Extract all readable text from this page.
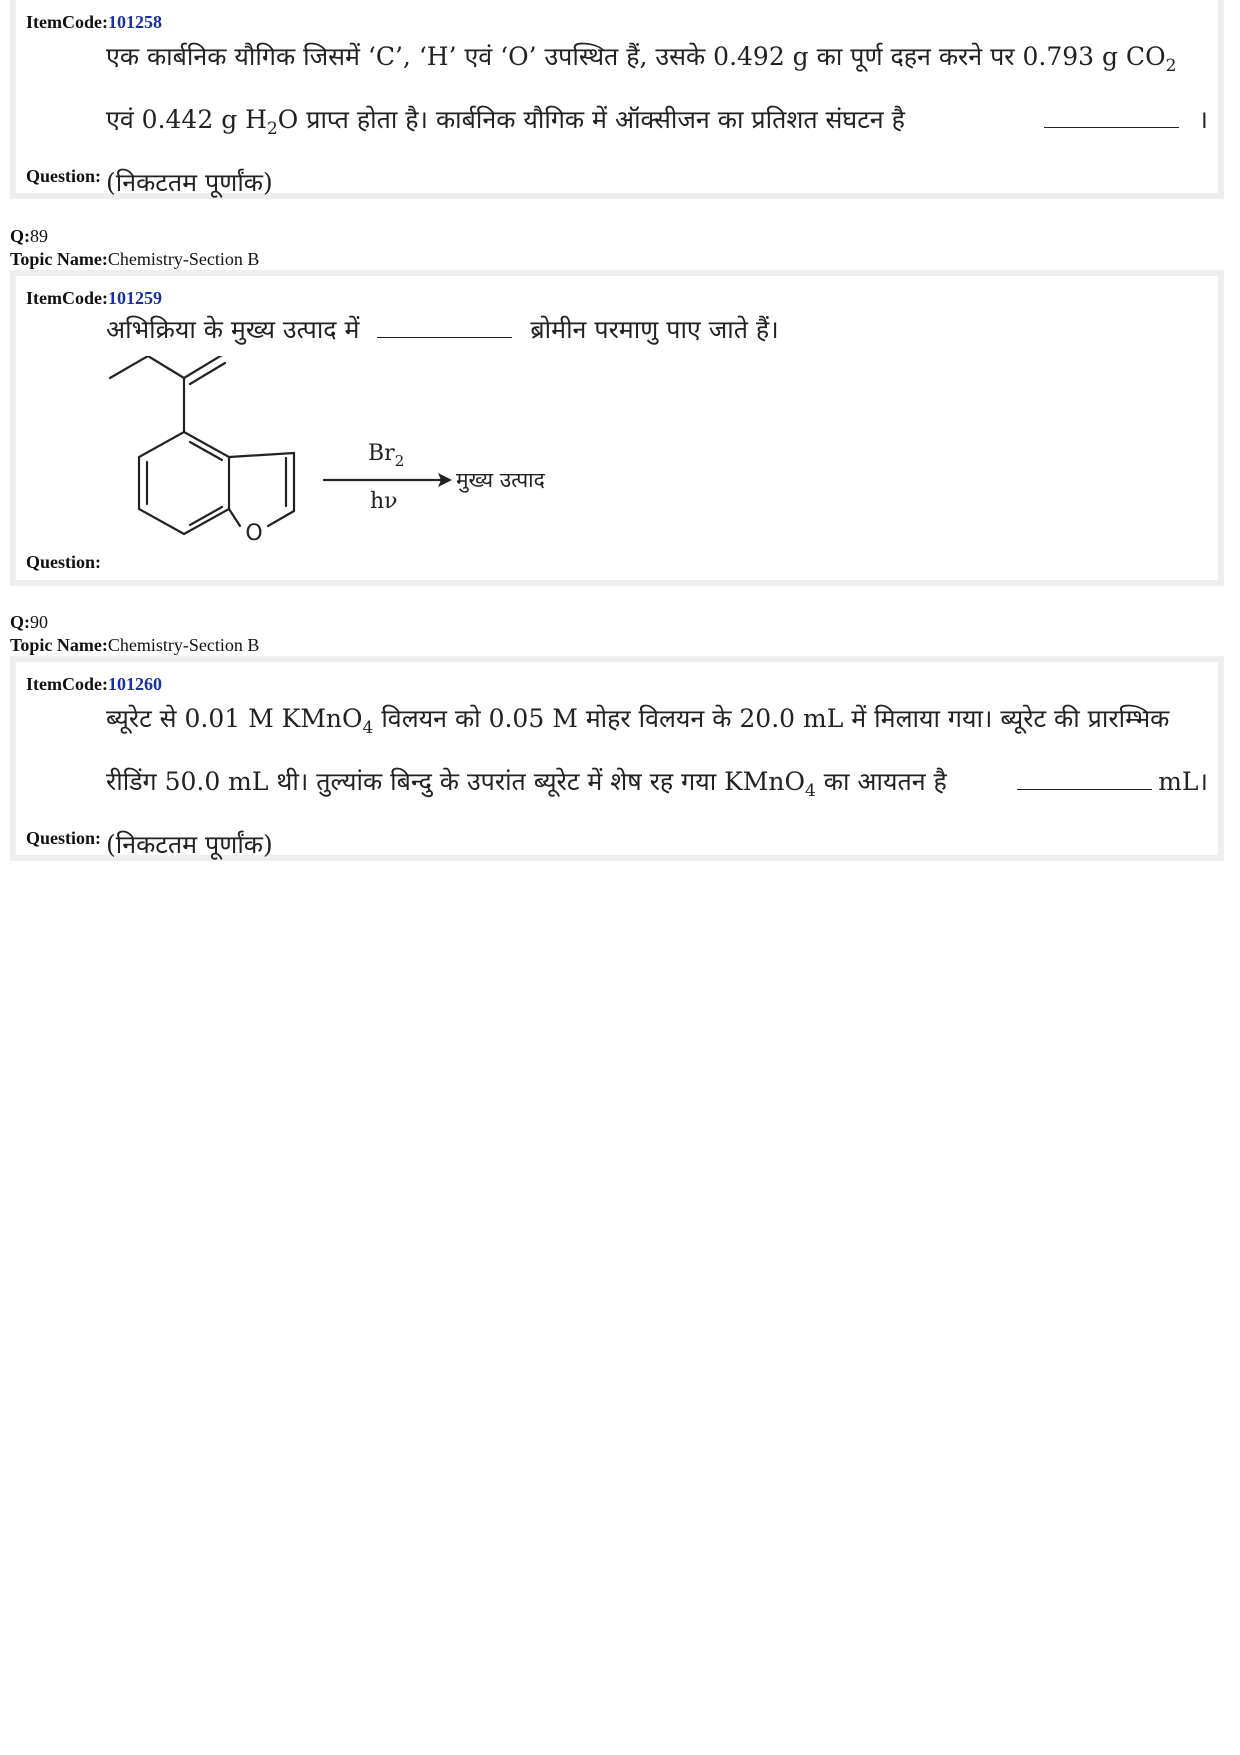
ItemCode:101258
एक कार्बनिक यौगिक जिसमें ‘C’, ‘H’ एवं ‘O’ उपस्थित हैं, उसके 0.492 g का पूर्ण दहन करने पर 0.793 g $CO_2$
एवं 0.442 g $H_2O$ प्राप्त होता है। कार्बनिक यौगिक में ऑक्सीजन का प्रतिशत संघटन है	।
(निकटतम पूर्णांक)
Question:
Q:89
Topic Name:Chemistry-Section B
ItemCode:101259
अभिक्रिया के मुख्य उत्पाद में	ब्रोमीन परमाणु पाए जाते हैं।
O
$Br_2$
hν
मुख्य उत्पाद
Question:
Q:90
Topic Name:Chemistry-Section B
ItemCode:101260
ब्यूरेट से 0.01 M KMnO$_4$ विलयन को 0.05 M मोहर विलयन के 20.0 mL में मिलाया गया। ब्यूरेट की प्रारम्भिक
रीडिंग 50.0 mL थी। तुल्यांक बिन्दु के उपरांत ब्यूरेट में शेष रह गया KMnO$_4$ का आयतन है	mL।
(निकटतम पूर्णांक)
Question:
